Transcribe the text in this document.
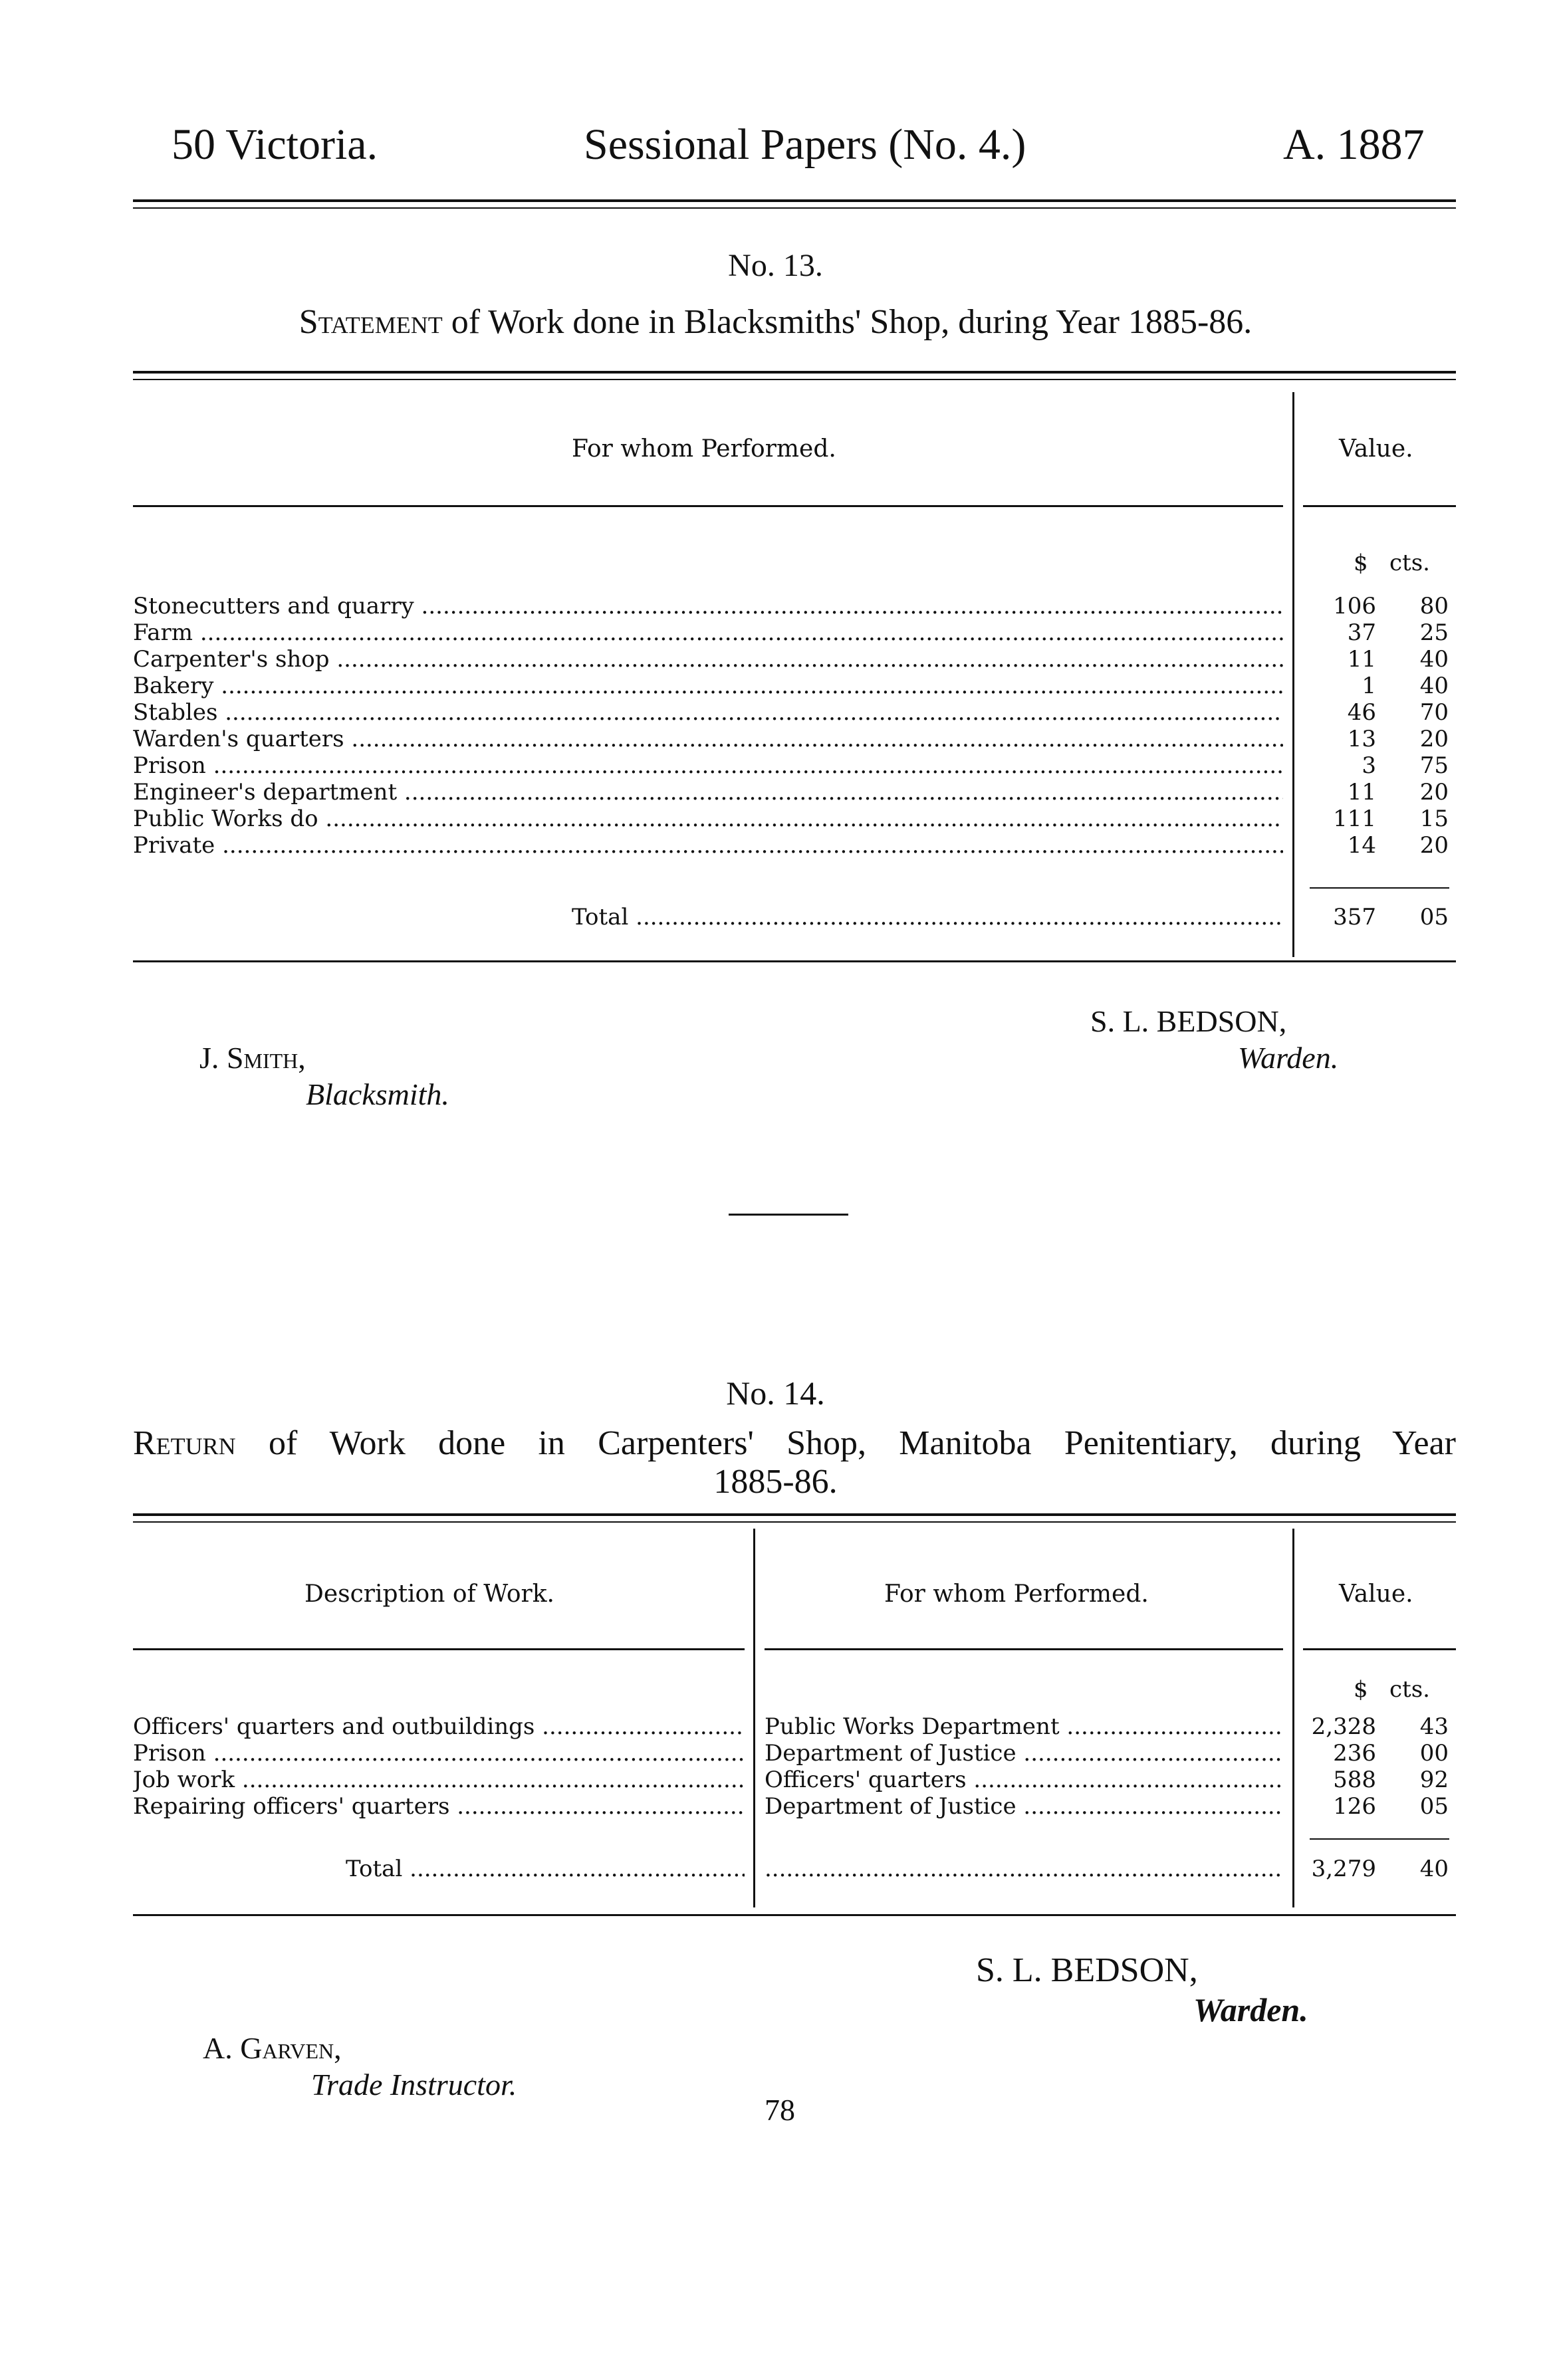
50 Victoria.	Sessional Papers (No. 4.)	A. 1887
No. 13.
Statement of Work done in Blacksmiths' Shop, during Year 1885-86.
For whom Performed.	Value.
$ cts.
Stonecutters and quarry .....	106	80
Farm .....	37	25
Carpenter's shop .....	11	40
Bakery .....	1	40
Stables .....	46	70
Warden's quarters .....	13	20
Prison .....	3	75
Engineer's department .....	11	20
Public Works do .....	111	15
Private .....	14	20
Total .....	357	05
S. L. BEDSON,
Warden.
J. Smith,
Blacksmith.
No. 14.
Return of Work done in Carpenters' Shop, Manitoba Penitentiary, during Year
1885-86.
Description of Work.	For whom Performed.	Value.
$ cts.
Officers' quarters and outbuildings .....	Public Works Department .....	2,328	43
Prison .....	Department of Justice .....	236	00
Job work .....	Officers' quarters .....	588	92
Repairing officers' quarters .....	Department of Justice .....	126	05
Total .....
.....	3,279	40
S. L. BEDSON,
Warden.
A. Garven,
Trade Instructor.
78
